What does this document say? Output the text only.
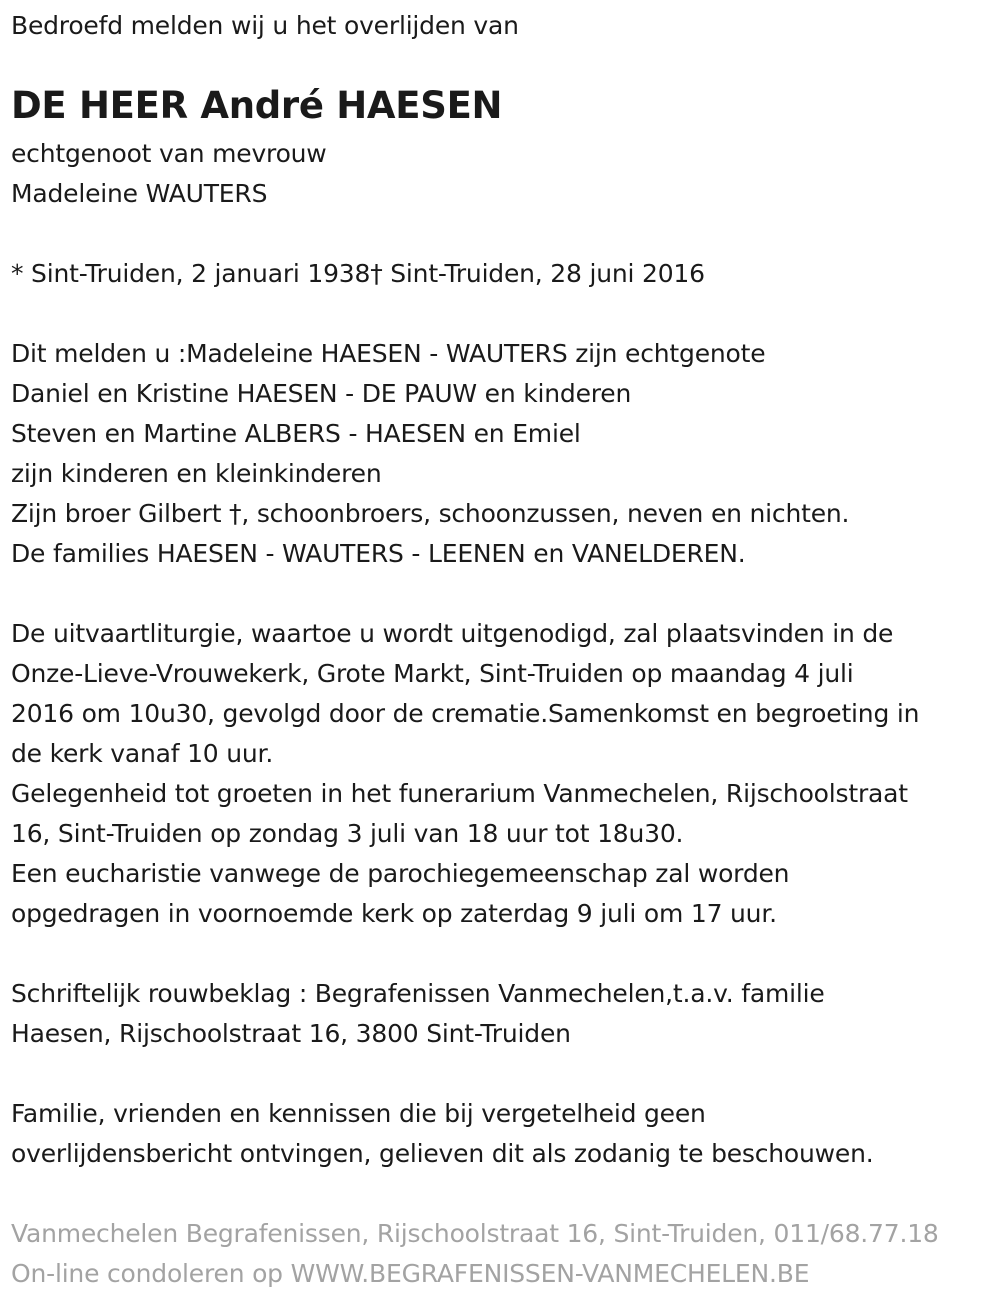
Bedroefd melden wij u het overlijden van
DE HEER André HAESEN
echtgenoot van mevrouw
Madeleine WAUTERS
* Sint-Truiden, 2 januari 1938† Sint-Truiden, 28 juni 2016
Dit melden u :Madeleine HAESEN - WAUTERS zijn echtgenote
Daniel en Kristine HAESEN - DE PAUW en kinderen
Steven en Martine ALBERS - HAESEN en Emiel
zijn kinderen en kleinkinderen
Zijn broer Gilbert †, schoonbroers, schoonzussen, neven en nichten.
De families HAESEN - WAUTERS - LEENEN en VANELDEREN.
De uitvaartliturgie, waartoe u wordt uitgenodigd, zal plaatsvinden in de
Onze-Lieve-Vrouwekerk, Grote Markt, Sint-Truiden op maandag 4 juli
2016 om 10u30, gevolgd door de crematie.Samenkomst en begroeting in
de kerk vanaf 10 uur.
Gelegenheid tot groeten in het funerarium Vanmechelen, Rijschoolstraat
16, Sint-Truiden op zondag 3 juli van 18 uur tot 18u30.
Een eucharistie vanwege de parochiegemeenschap zal worden
opgedragen in voornoemde kerk op zaterdag 9 juli om 17 uur.
Schriftelijk rouwbeklag : Begrafenissen Vanmechelen,t.a.v. familie
Haesen, Rijschoolstraat 16, 3800 Sint-Truiden
Familie, vrienden en kennissen die bij vergetelheid geen
overlijdensbericht ontvingen, gelieven dit als zodanig te beschouwen.
Vanmechelen Begrafenissen, Rijschoolstraat 16, Sint-Truiden, 011/68.77.18
On-line condoleren op WWW.BEGRAFENISSEN-VANMECHELEN.BE
